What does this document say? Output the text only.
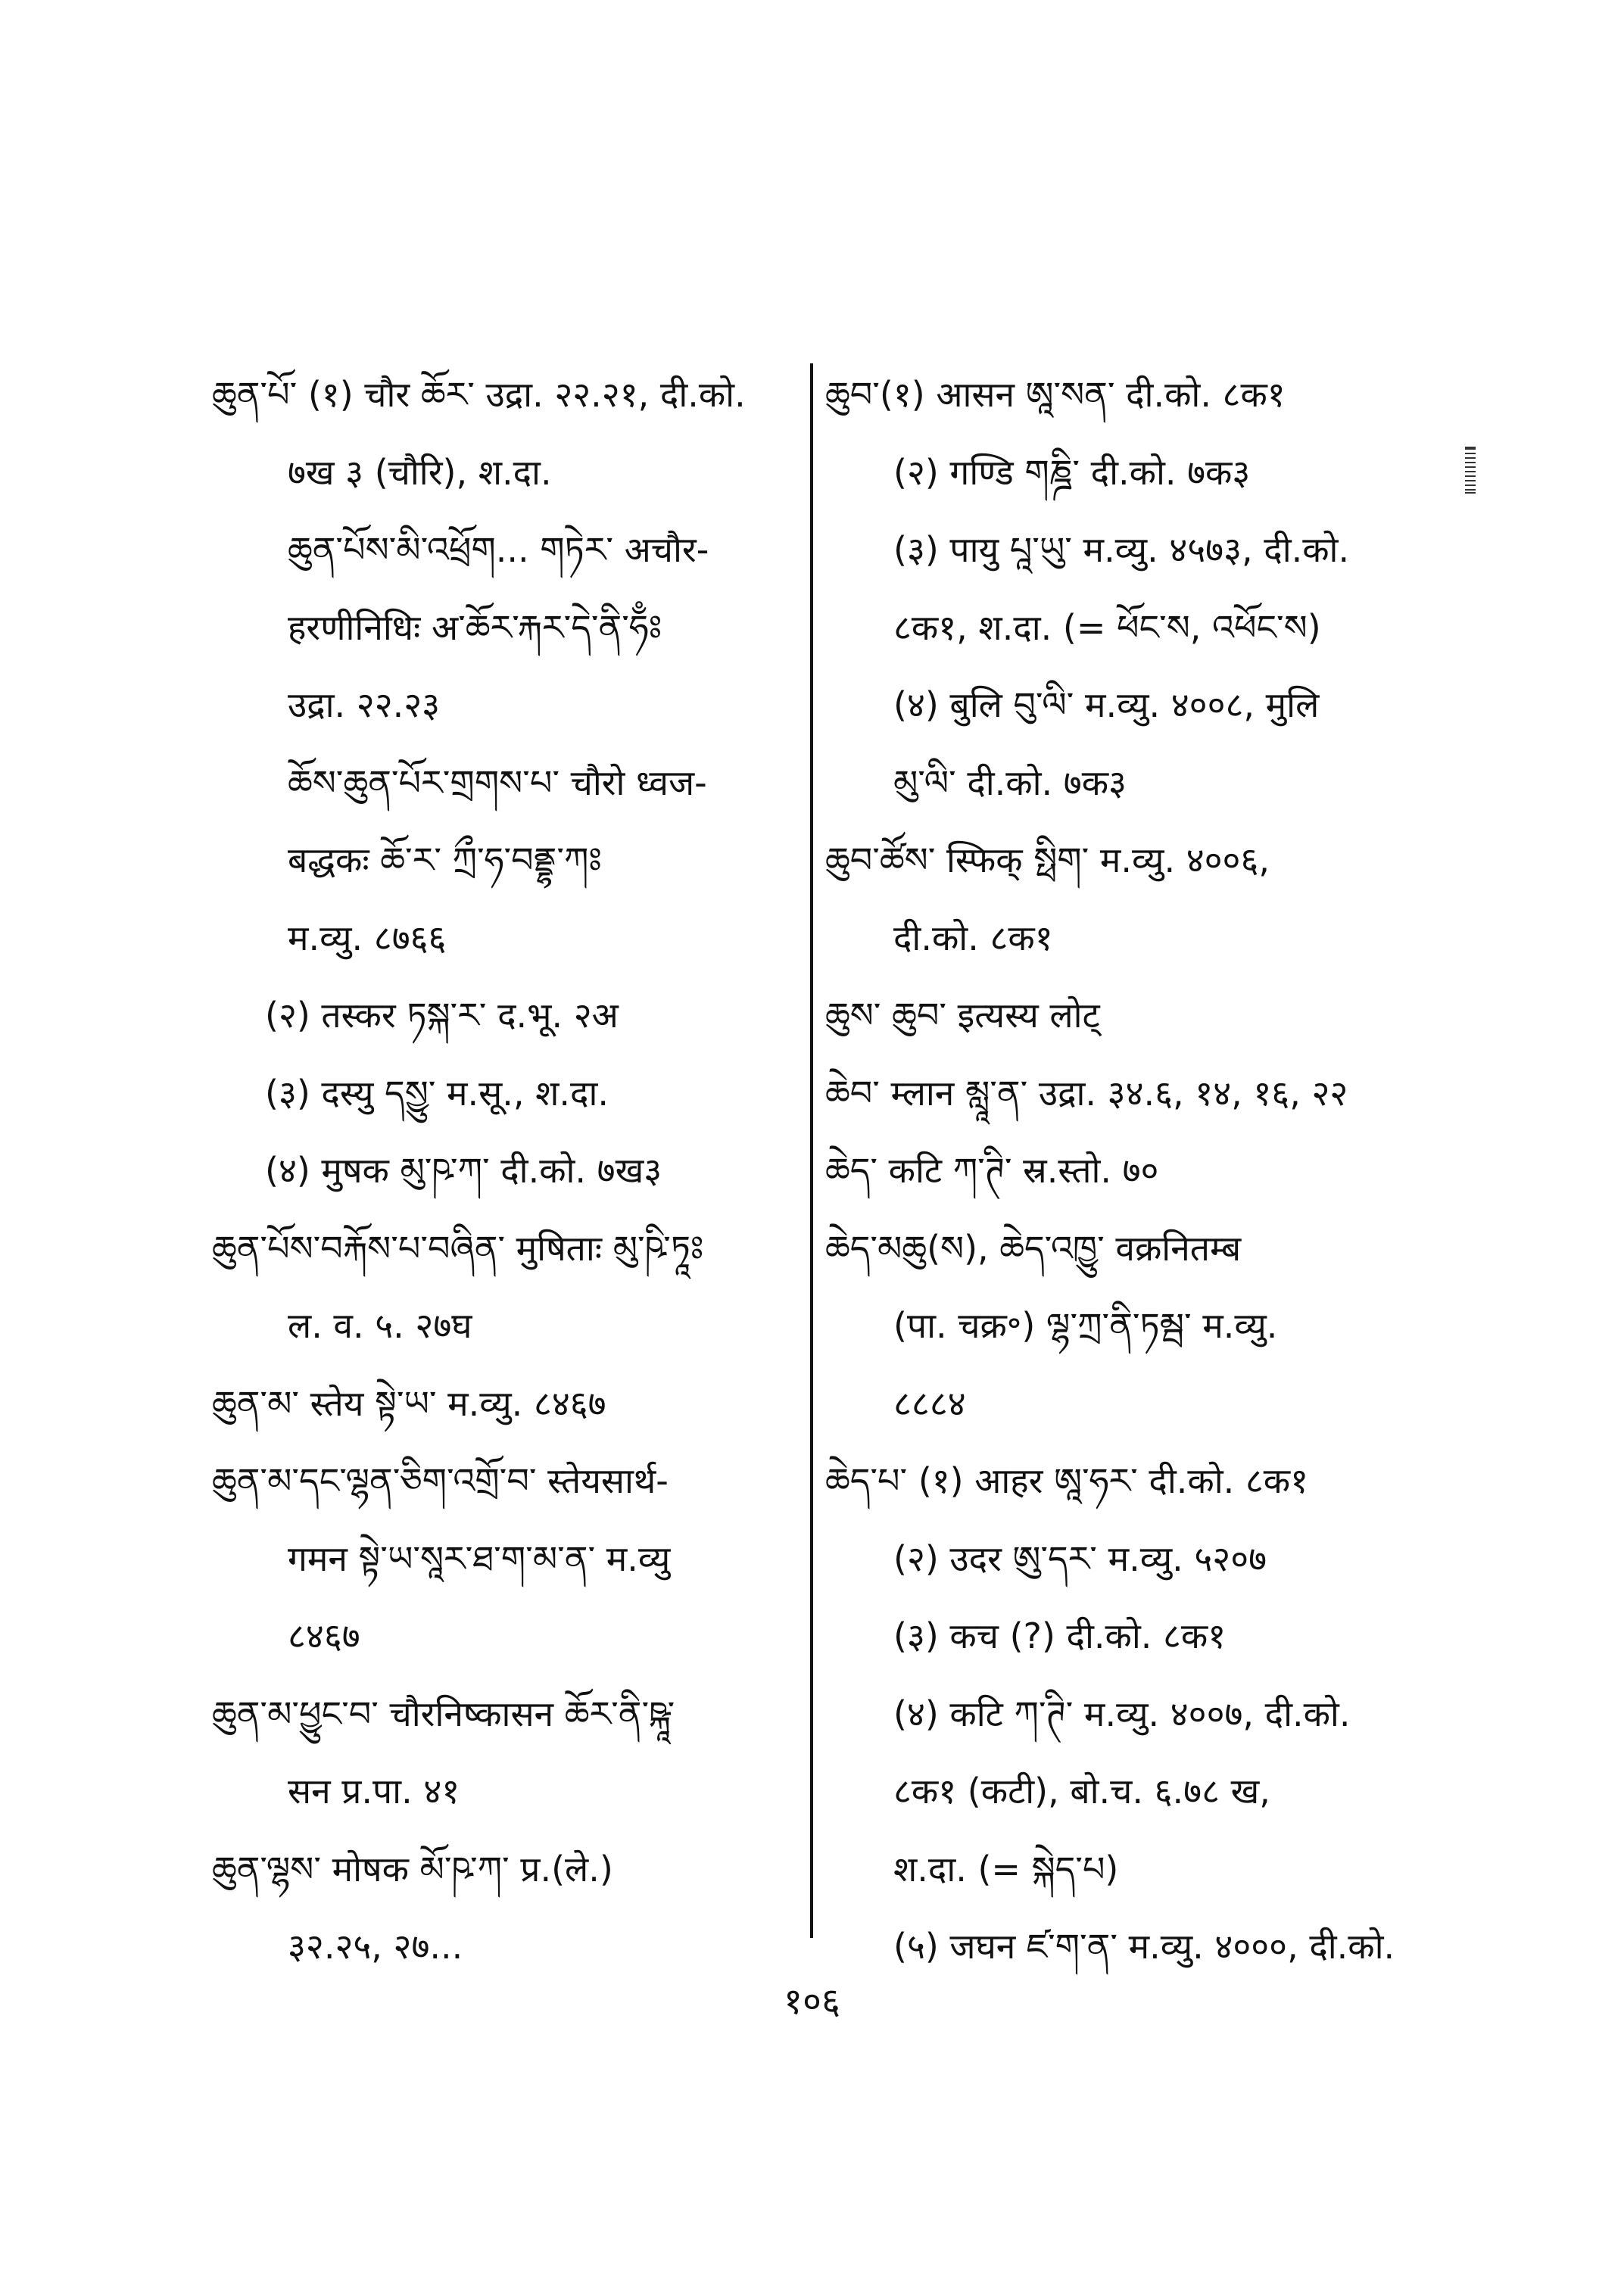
ཆུན་པོ་ (१) चौर ཆོར་ उद्रा. २२.२१, दी.को.
७ख ३ (चौरि), श.दा.
ཆུན་པོས་མི་འཕྲོག... གཏེར་ अचौर-
हरणीनिधिः अ་ཆོར་རྐར་དེ་ནི་ཧྃཿ
उद्रा. २२.२३
ཆོས་ཆུན་པོར་གྲགས་པ་ चौरो ध्वज-
बद्धकः ཆོ་ར་ ཀྲྀ་ཧ་བནྡྷ་ཀཿ
म.व्यु. ८७६६
(२) तस्कर ཏསྐ་ར་ द.भू. २अ
(३) दस्यु དསྱུ་ म.सू., श.दा.
(४) मुषक མུ་ཥ་ཀ་ दी.को. ७ख३
ཆུན་པོས་བརྐོས་པ་བཞིན་ मुषिताः མུ་ཥི་ཏཱཿ
ल. व. ५. २७घ
ཆུན་མ་ स्तेय སྟེ་ཡ་ म.व्यु. ८४६७
ཆུན་མ་དང་ལྷན་ཅིག་འགྲོ་བ་ स्तेयसार्थ-
गमन སྟེ་ཡ་སཱར་ཐ་ག་མ་ན་ म.व्यु
८४६७
ཆུན་མ་ཕྱུང་བ་ चौरनिष्कासन ཆོར་ནི་ཥྐཱ་
सन प्र.पा. ४१
ཆུན་ལྷས་ मोषक མོ་ཥ་ཀ་ प्र.(ले.)
३२.२५, २७...
ཆུབ་(१) आसन ཨཱ་སན་ दी.को. ८क१
(२) गण्डि གཎྜི་ दी.को. ७क३
(३) पायु པཱ་ཡུ་ म.व्यु. ४५७३, दी.को.
८क१, श.दा. (= ཕོང་ས, འཕོང་ས)
(४) बुलि བུ་ལི་ म.व्यु. ४००८, मुलि
མུ་ལི་ दी.को. ७क३
ཆུབ་ཚོས་ स्फिक् སྥིག་ म.व्यु. ४००६,
दी.को. ८क१
ཆུས་ ཆུབ་ इत्यस्य लोट्
ཆེབ་ म्लान མླཱ་ན་ उद्रा. ३४.६, १४, १६, २२
ཆེད་ कटि ཀ་ཊི་ स्र.स्तो. ७०
ཆེད་མཆུ(ས), ཆེད་འཁྱུ་ वक्रनितम्ब
(पा. चक्र॰) ལྷ་ཀྲ་ནི་ཏམྦ་ म.व्यु.
८८८४
ཆེད་པ་ (१) आहर ཨཱ་ཧར་ दी.को. ८क१
(२) उदर ཨུ་དར་ म.व्यु. ५२०७
(३) कच (?) दी.को. ८क१
(४) कटि ཀ་ཊི་ म.व्यु. ४००७, दी.को.
८क१ (कटी), बो.च. ६.७८ ख,
श.दा. (= སྐེད་པ)
(५) जघन ཛ་ག་ན་ म.व्यु. ४०००, दी.को.
१०६
